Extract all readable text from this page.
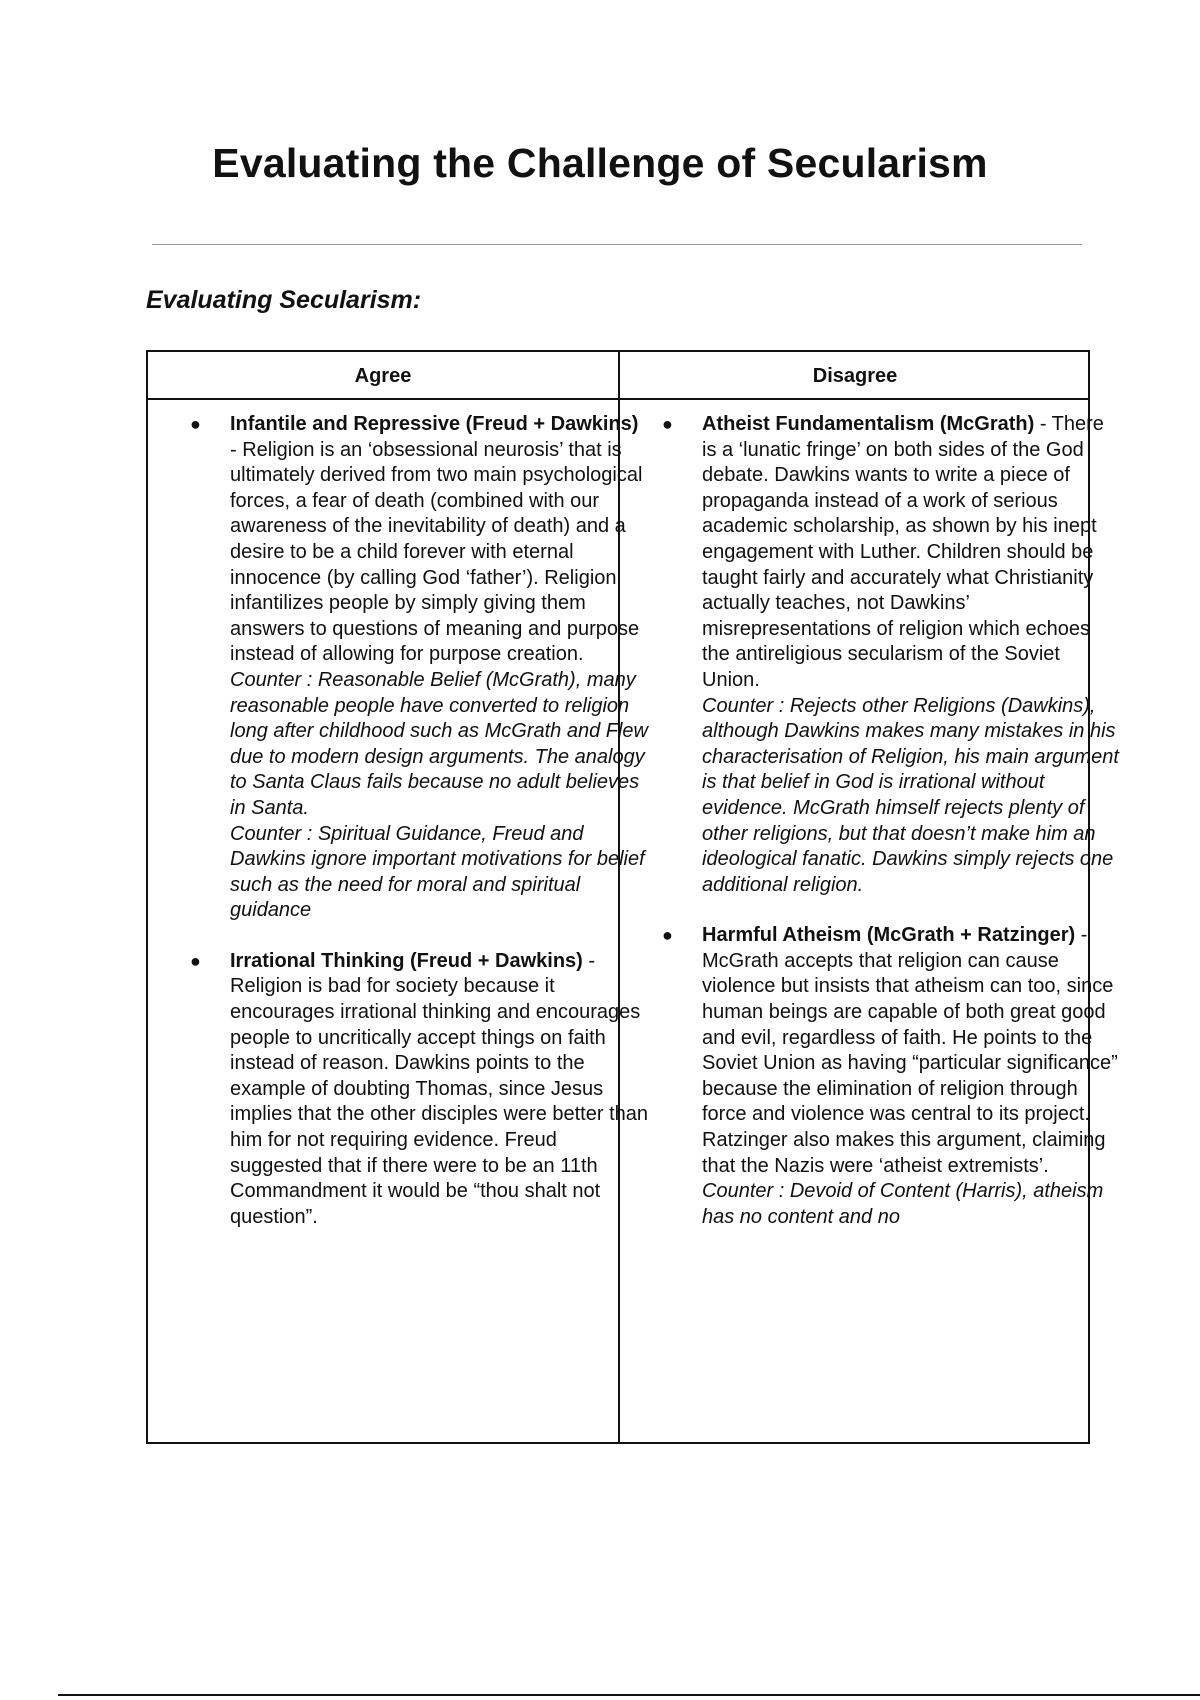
Evaluating the Challenge of Secularism
Evaluating Secularism:
Agree	Disagree
● Infantile and Repressive (Freud + Dawkins) - Religion is an ‘obsessional neurosis’ that is ultimately derived from two main psychological forces, a fear of death (combined with our awareness of the inevitability of death) and a desire to be a child forever with eternal innocence (by calling God ‘father’). Religion infantilizes people by simply giving them answers to questions of meaning and purpose instead of allowing for purpose creation.

Counter : Reasonable Belief (McGrath), many reasonable people have converted to religion long after childhood such as McGrath and Flew due to modern design arguments. The analogy to Santa Claus fails because no adult believes in Santa.

Counter : Spiritual Guidance, Freud and Dawkins ignore important motivations for belief such as the need for moral and spiritual guidance

● Irrational Thinking (Freud + Dawkins) - Religion is bad for society because it encourages irrational thinking and encourages people to uncritically accept things on faith instead of reason. Dawkins points to the example of doubting Thomas, since Jesus implies that the other disciples were better than him for not requiring evidence. Freud suggested that if there were to be an 11th Commandment it would be “thou shalt not question”.

● Atheist Fundamentalism (McGrath) - There is a ‘lunatic fringe’ on both sides of the God debate. Dawkins wants to write a piece of propaganda instead of a work of serious academic scholarship, as shown by his inept engagement with Luther. Children should be taught fairly and accurately what Christianity actually teaches, not Dawkins’ misrepresentations of religion which echoes the antireligious secularism of the Soviet Union.

Counter : Rejects other Religions (Dawkins), although Dawkins makes many mistakes in his characterisation of Religion, his main argument is that belief in God is irrational without evidence. McGrath himself rejects plenty of other religions, but that doesn’t make him an ideological fanatic. Dawkins simply rejects one additional religion.

● Harmful Atheism (McGrath + Ratzinger) - McGrath accepts that religion can cause violence but insists that atheism can too, since human beings are capable of both great good and evil, regardless of faith. He points to the Soviet Union as having “particular significance” because the elimination of religion through force and violence was central to its project. Ratzinger also makes this argument, claiming that the Nazis were ‘atheist extremists’.

Counter : Devoid of Content (Harris), atheism has no content and no
